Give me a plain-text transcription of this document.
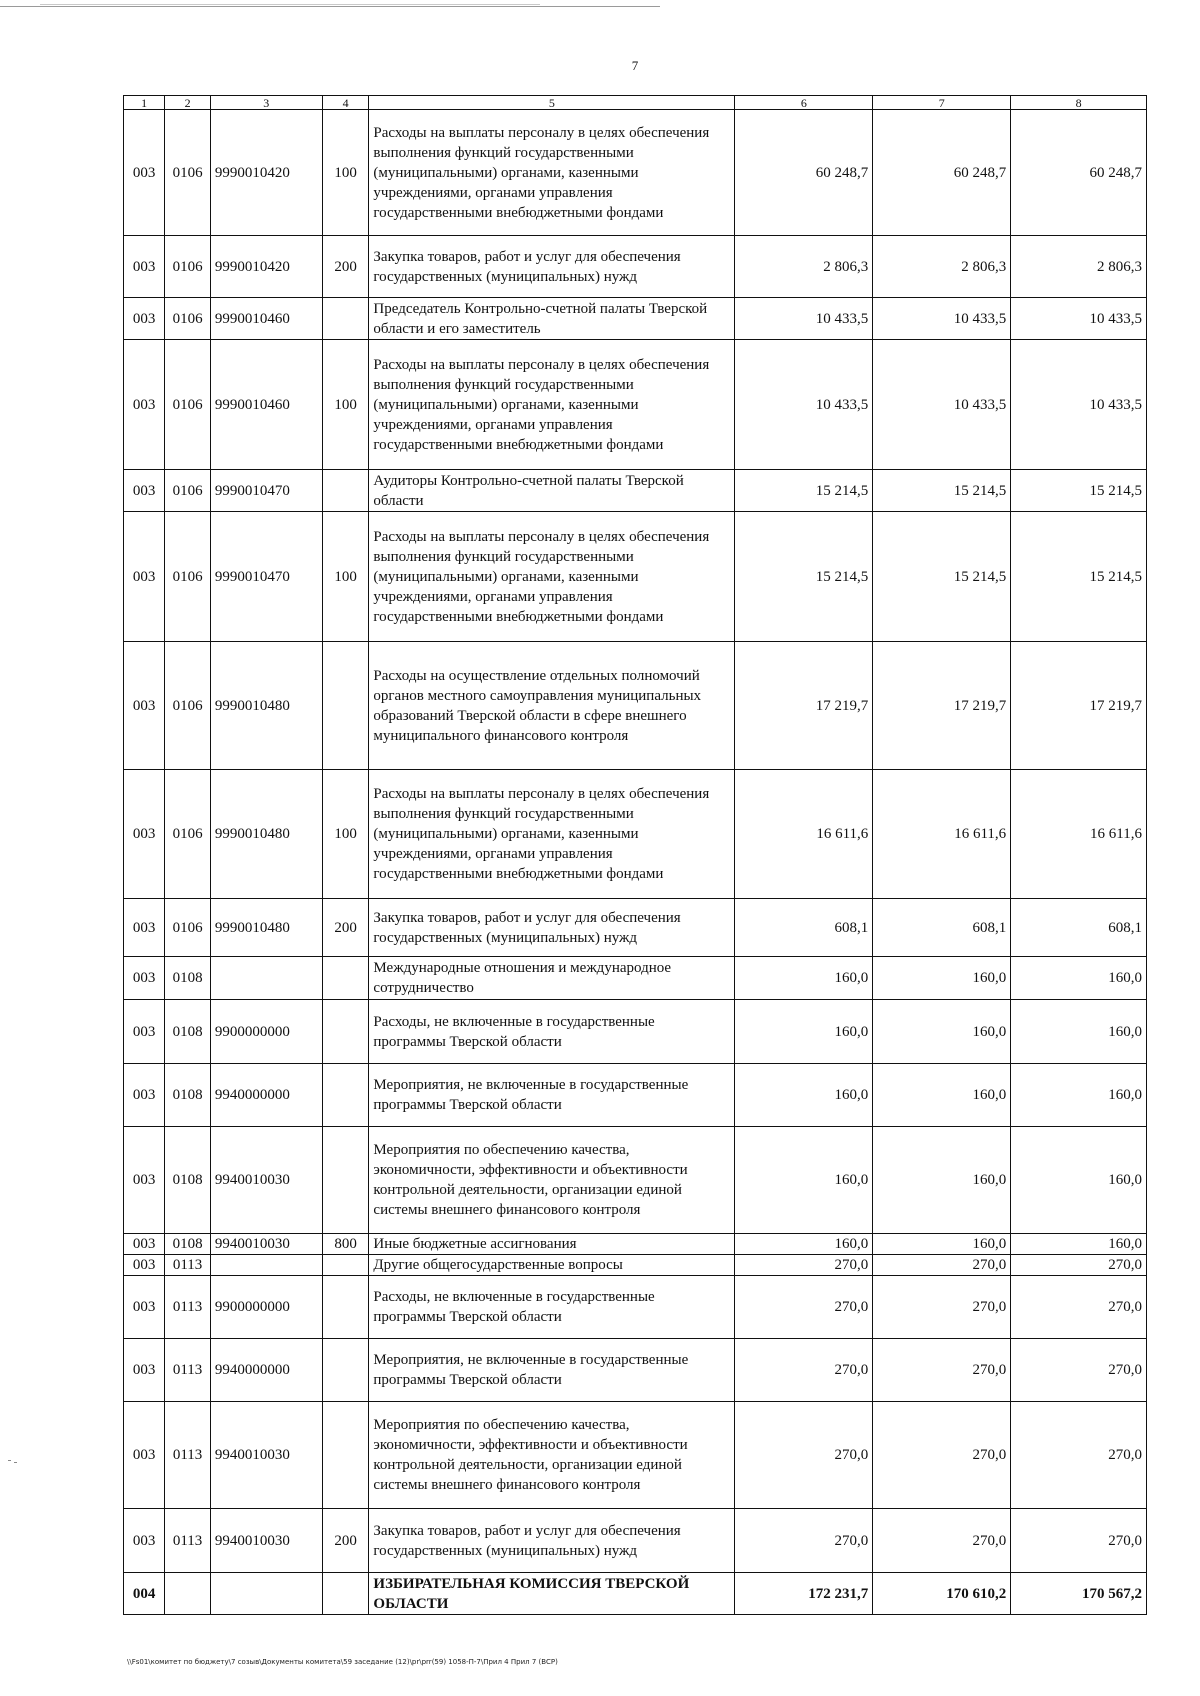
7
1	2	3	4	5	6	7	8
003	0106	9990010420	100	Расходы на выплаты персоналу в целях обеспечения выполнения функций государственными (муниципальными) органами, казенными учреждениями, органами управления государственными внебюджетными фондами	60 248,7	60 248,7	60 248,7
003	0106	9990010420	200	Закупка товаров, работ и услуг для обеспечения государственных (муниципальных) нужд	2 806,3	2 806,3	2 806,3
003	0106	9990010460		Председатель Контрольно-счетной палаты Тверской области и его заместитель	10 433,5	10 433,5	10 433,5
003	0106	9990010460	100	Расходы на выплаты персоналу в целях обеспечения выполнения функций государственными (муниципальными) органами, казенными учреждениями, органами управления государственными внебюджетными фондами	10 433,5	10 433,5	10 433,5
003	0106	9990010470		Аудиторы Контрольно-счетной палаты Тверской области	15 214,5	15 214,5	15 214,5
003	0106	9990010470	100	Расходы на выплаты персоналу в целях обеспечения выполнения функций государственными (муниципальными) органами, казенными учреждениями, органами управления государственными внебюджетными фондами	15 214,5	15 214,5	15 214,5
003	0106	9990010480		Расходы на осуществление отдельных полномочий органов местного самоуправления муниципальных образований Тверской области в сфере внешнего муниципального финансового контроля	17 219,7	17 219,7	17 219,7
003	0106	9990010480	100	Расходы на выплаты персоналу в целях обеспечения выполнения функций государственными (муниципальными) органами, казенными учреждениями, органами управления государственными внебюджетными фондами	16 611,6	16 611,6	16 611,6
003	0106	9990010480	200	Закупка товаров, работ и услуг для обеспечения государственных (муниципальных) нужд	608,1	608,1	608,1
003	0108			Международные отношения и международное сотрудничество	160,0	160,0	160,0
003	0108	9900000000		Расходы, не включенные в государственные программы Тверской области	160,0	160,0	160,0
003	0108	9940000000		Мероприятия, не включенные в государственные программы Тверской области	160,0	160,0	160,0
003	0108	9940010030		Мероприятия по обеспечению качества, экономичности, эффективности и объективности контрольной деятельности, организации единой системы внешнего финансового контроля	160,0	160,0	160,0
003	0108	9940010030	800	Иные бюджетные ассигнования	160,0	160,0	160,0
003	0113			Другие общегосударственные вопросы	270,0	270,0	270,0
003	0113	9900000000		Расходы, не включенные в государственные программы Тверской области	270,0	270,0	270,0
003	0113	9940000000		Мероприятия, не включенные в государственные программы Тверской области	270,0	270,0	270,0
003	0113	9940010030		Мероприятия по обеспечению качества, экономичности, эффективности и объективности контрольной деятельности, организации единой системы внешнего финансового контроля	270,0	270,0	270,0
003	0113	9940010030	200	Закупка товаров, работ и услуг для обеспечения государственных (муниципальных) нужд	270,0	270,0	270,0
004				ИЗБИРАТЕЛЬНАЯ КОМИССИЯ ТВЕРСКОЙ ОБЛАСТИ	172 231,7	170 610,2	170 567,2
\\Fs01\комитет по бюджету\7 созыв\Документы комитета\59 заседание (12)\pr\prr(59) 1058-П-7\Прил 4 Прил 7 (ВСР)
